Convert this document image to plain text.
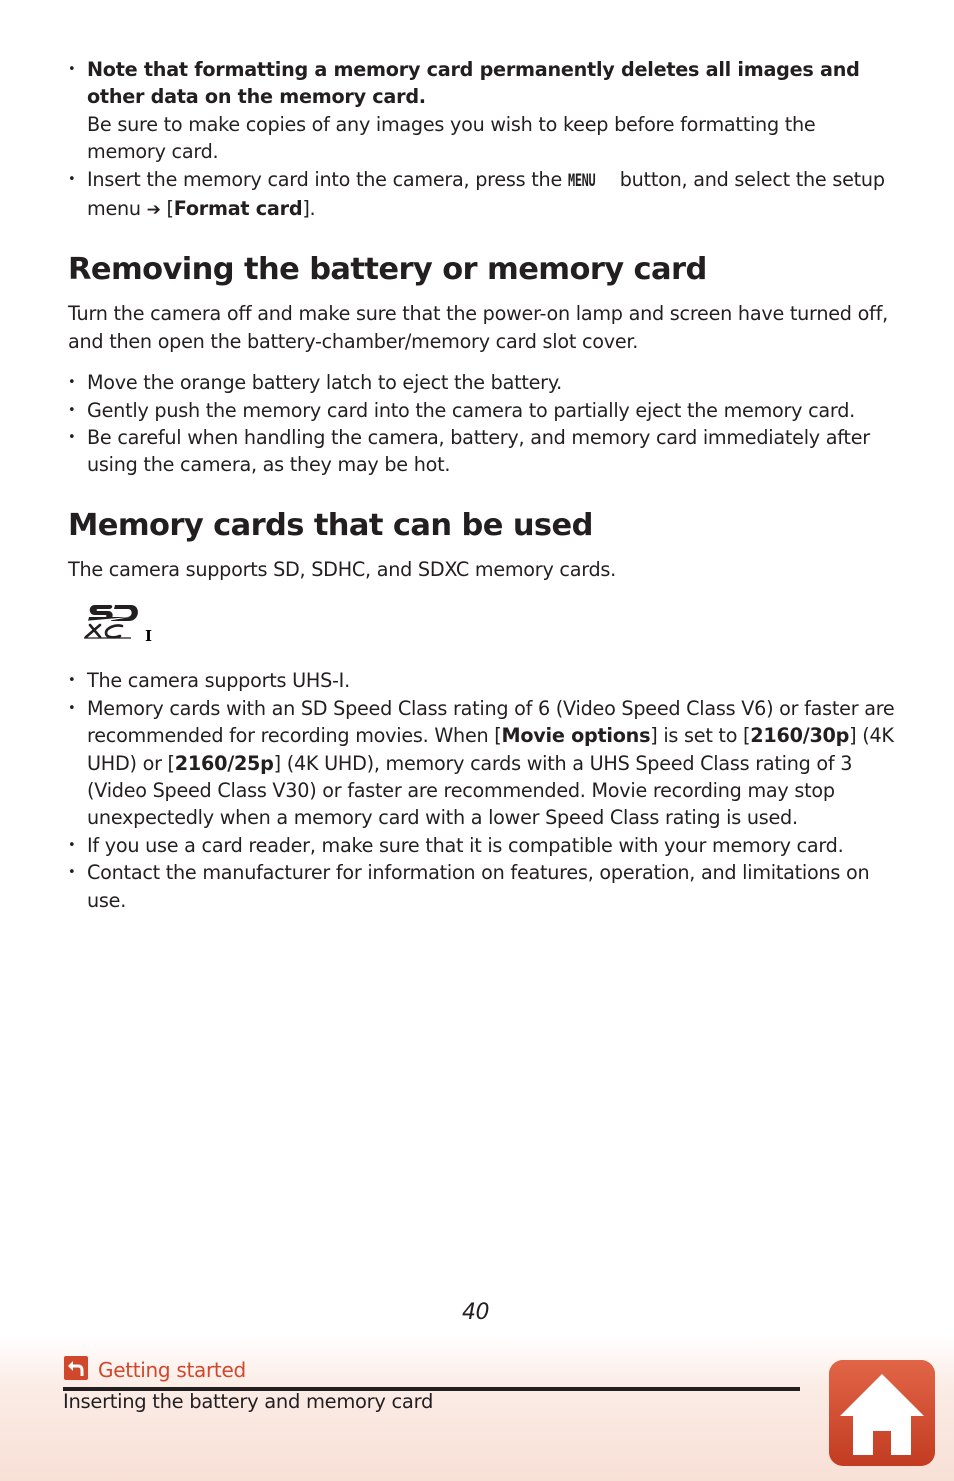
• Note that formatting a memory card permanently deletes all images and other data on the memory card.
Be sure to make copies of any images you wish to keep before formatting the memory card.
• Insert the memory card into the camera, press the MENU button, and select the setup menu ➔ [Format card].
Removing the battery or memory card

Turn the camera off and make sure that the power-on lamp and screen have turned off, and then open the battery-chamber/memory card slot cover.

• Move the orange battery latch to eject the battery.
• Gently push the memory card into the camera to partially eject the memory card.
• Be careful when handling the camera, battery, and memory card immediately after using the camera, as they may be hot.
Memory cards that can be used

The camera supports SD, SDHC, and SDXC memory cards.

I
• The camera supports UHS-I.
• Memory cards with an SD Speed Class rating of 6 (Video Speed Class V6) or faster are recommended for recording movies. When [Movie options] is set to [2160/30p] (4K UHD) or [2160/25p] (4K UHD), memory cards with a UHS Speed Class rating of 3 (Video Speed Class V30) or faster are recommended. Movie recording may stop unexpectedly when a memory card with a lower Speed Class rating is used.
• If you use a card reader, make sure that it is compatible with your memory card.
• Contact the manufacturer for information on features, operation, and limitations on use.
40
Getting started
Inserting the battery and memory card
